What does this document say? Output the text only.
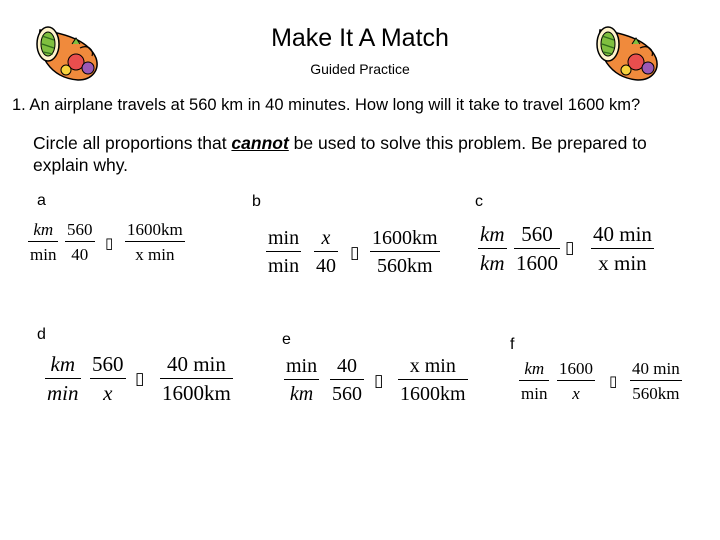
Make It A Match
Guided Practice
1. An airplane travels at 560 km in 40 minutes. How long will it take to travel 1600 km?
Circle all proportions that cannot be used to solve this problem. Be prepared to explain why.
a
km
min
560
40
▯
1600km
x min
b
min
min
x
40
▯
1600km
560km
c
km
km
560
1600
▯
40 min
x min
d
km
min
560
x
▯
40 min
1600km
e
min
km
40
560
▯
x min
1600km
f
km
min
1600
x
▯
40 min
560km
